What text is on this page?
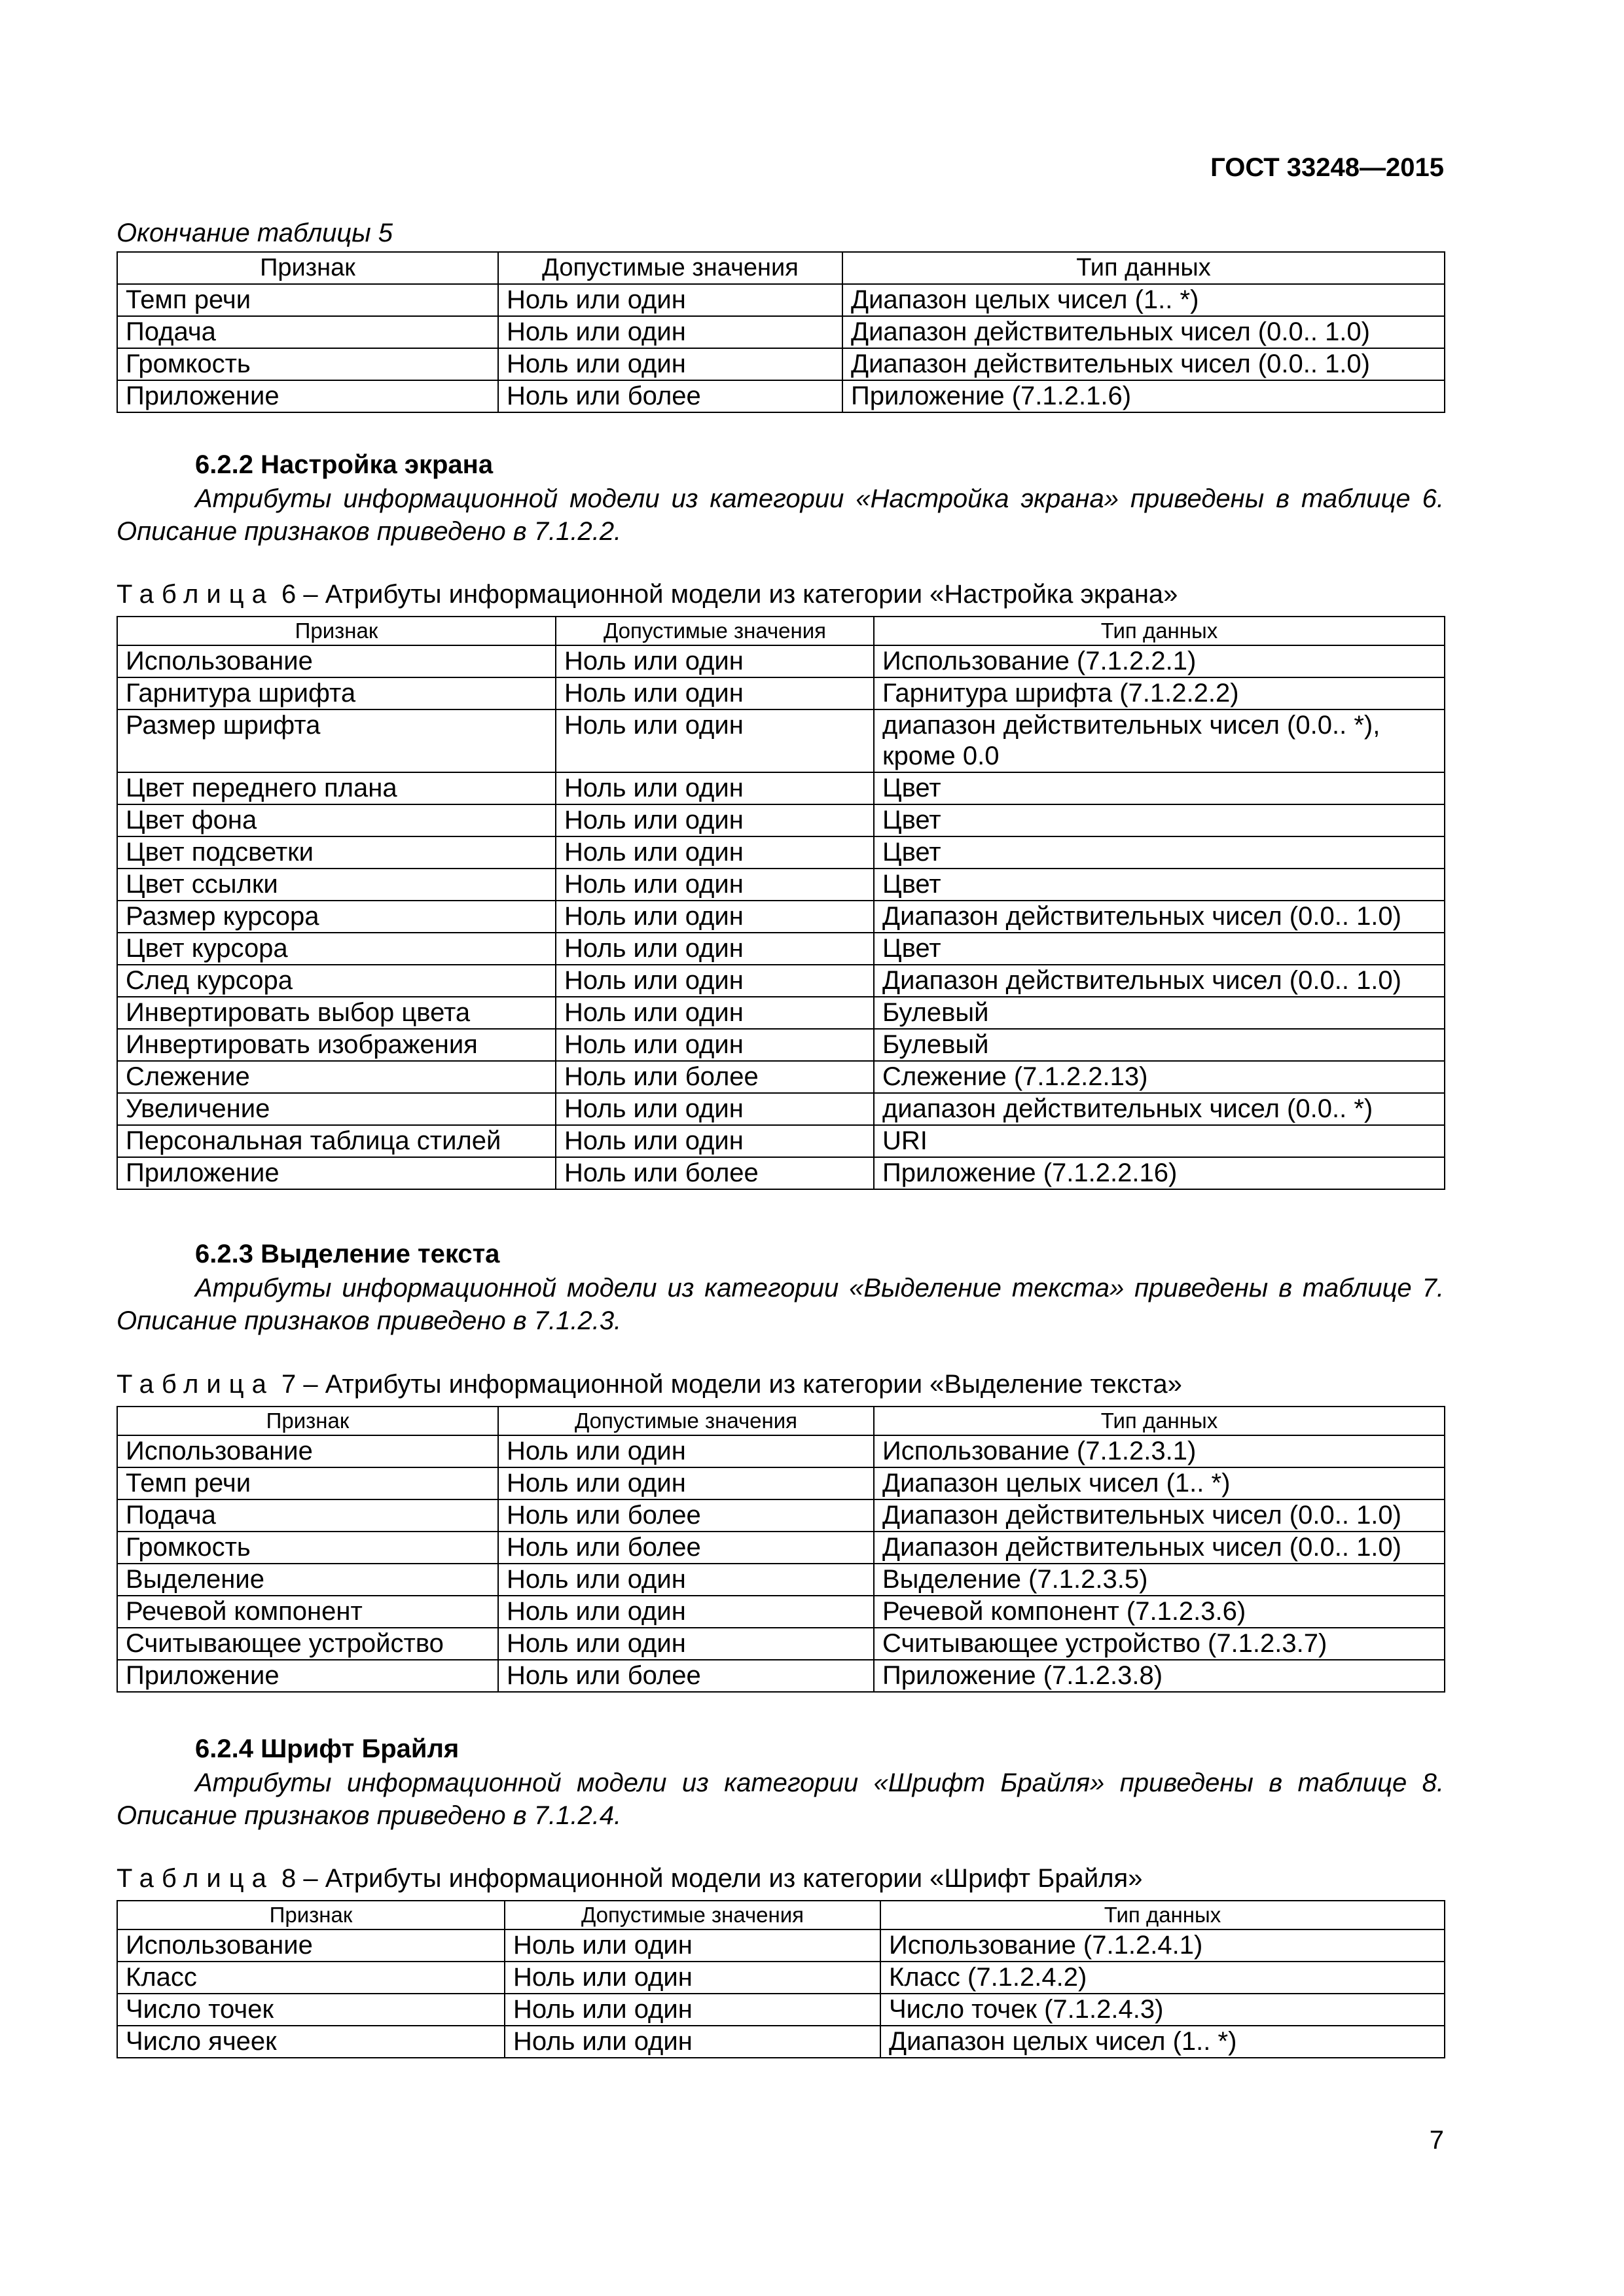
ГОСТ 33248—2015
Окончание таблицы 5
Признак	Допустимые значения	Тип данных
Темп речи	Ноль или один	Диапазон целых чисел (1.. *)
Подача	Ноль или один	Диапазон действительных чисел (0.0.. 1.0)
Громкость	Ноль или один	Диапазон действительных чисел (0.0.. 1.0)
Приложение	Ноль или более	Приложение (7.1.2.1.6)
6.2.2 Настройка экрана
Атрибуты информационной модели из категории «Настройка экрана» приведены в таблице 6. Описание признаков приведено в 7.1.2.2.
Таблица 6 – Атрибуты информационной модели из категории «Настройка экрана»
Признак	Допустимые значения	Тип данных
Использование	Ноль или один	Использование (7.1.2.2.1)
Гарнитура шрифта	Ноль или один	Гарнитура шрифта (7.1.2.2.2)
Размер шрифта	Ноль или один	диапазон действительных чисел (0.0.. *), кроме 0.0
Цвет переднего плана	Ноль или один	Цвет
Цвет фона	Ноль или один	Цвет
Цвет подсветки	Ноль или один	Цвет
Цвет ссылки	Ноль или один	Цвет
Размер курсора	Ноль или один	Диапазон действительных чисел (0.0.. 1.0)
Цвет курсора	Ноль или один	Цвет
След курсора	Ноль или один	Диапазон действительных чисел (0.0.. 1.0)
Инвертировать выбор цвета	Ноль или один	Булевый
Инвертировать изображения	Ноль или один	Булевый
Слежение	Ноль или более	Слежение (7.1.2.2.13)
Увеличение	Ноль или один	диапазон действительных чисел (0.0.. *)
Персональная таблица стилей	Ноль или один	URI
Приложение	Ноль или более	Приложение (7.1.2.2.16)
6.2.3 Выделение текста
Атрибуты информационной модели из категории «Выделение текста» приведены в таблице 7. Описание признаков приведено в 7.1.2.3.
Таблица 7 – Атрибуты информационной модели из категории «Выделение текста»
Признак	Допустимые значения	Тип данных
Использование	Ноль или один	Использование (7.1.2.3.1)
Темп речи	Ноль или один	Диапазон целых чисел (1.. *)
Подача	Ноль или более	Диапазон действительных чисел (0.0.. 1.0)
Громкость	Ноль или более	Диапазон действительных чисел (0.0.. 1.0)
Выделение	Ноль или один	Выделение (7.1.2.3.5)
Речевой компонент	Ноль или один	Речевой компонент (7.1.2.3.6)
Считывающее устройство	Ноль или один	Считывающее устройство (7.1.2.3.7)
Приложение	Ноль или более	Приложение (7.1.2.3.8)
6.2.4 Шрифт Брайля
Атрибуты информационной модели из категории «Шрифт Брайля» приведены в таблице 8. Описание признаков приведено в 7.1.2.4.
Таблица 8 – Атрибуты информационной модели из категории «Шрифт Брайля»
Признак	Допустимые значения	Тип данных
Использование	Ноль или один	Использование (7.1.2.4.1)
Класс	Ноль или один	Класс (7.1.2.4.2)
Число точек	Ноль или один	Число точек (7.1.2.4.3)
Число ячеек	Ноль или один	Диапазон целых чисел (1.. *)
7
